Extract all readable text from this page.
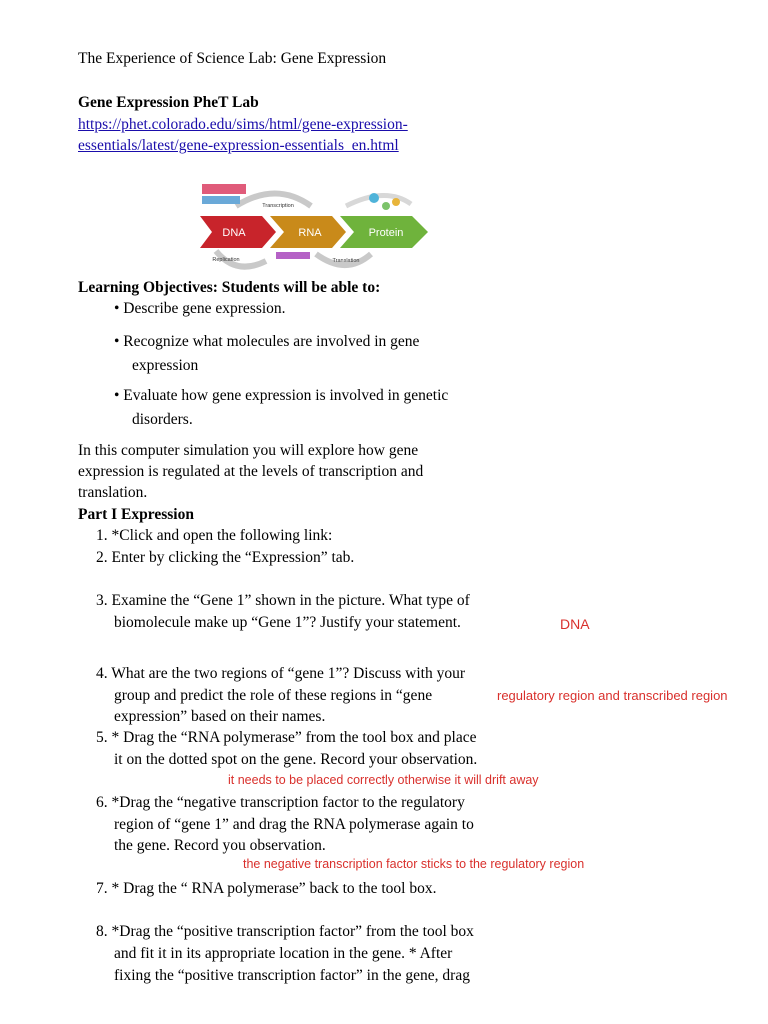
The Experience of Science Lab: Gene Expression
Gene Expression PheT Lab
https://phet.colorado.edu/sims/html/gene-expression-
essentials/latest/gene-expression-essentials_en.html
DNA	RNA	Protein
Transcription
Translation
Replication
Learning Objectives: Students will be able to:
• Describe gene expression.
• Recognize what molecules are involved in gene
expression
• Evaluate how gene expression is involved in genetic
disorders.
In this computer simulation you will explore how gene
expression is regulated at the levels of transcription and
translation.
Part I Expression
1. *Click and open the following link:
2. Enter by clicking the “Expression” tab.
3. Examine the “Gene 1” shown in the picture. What type of
biomolecule make up “Gene 1”? Justify your statement.	DNA
4. What are the two regions of “gene 1”? Discuss with your
group and predict the role of these regions in “gene	regulatory region and transcribed region
expression” based on their names.
5. * Drag the “RNA polymerase” from the tool box and place
it on the dotted spot on the gene. Record your observation.
it needs to be placed correctly otherwise it will drift away
6. *Drag the “negative transcription factor to the regulatory
region of “gene 1” and drag the RNA polymerase again to
the gene. Record you observation.
the negative transcription factor sticks to the regulatory region
7. * Drag the “ RNA polymerase” back to the tool box.
8. *Drag the “positive transcription factor” from the tool box
and fit it in its appropriate location in the gene. * After
fixing the “positive transcription factor” in the gene, drag
